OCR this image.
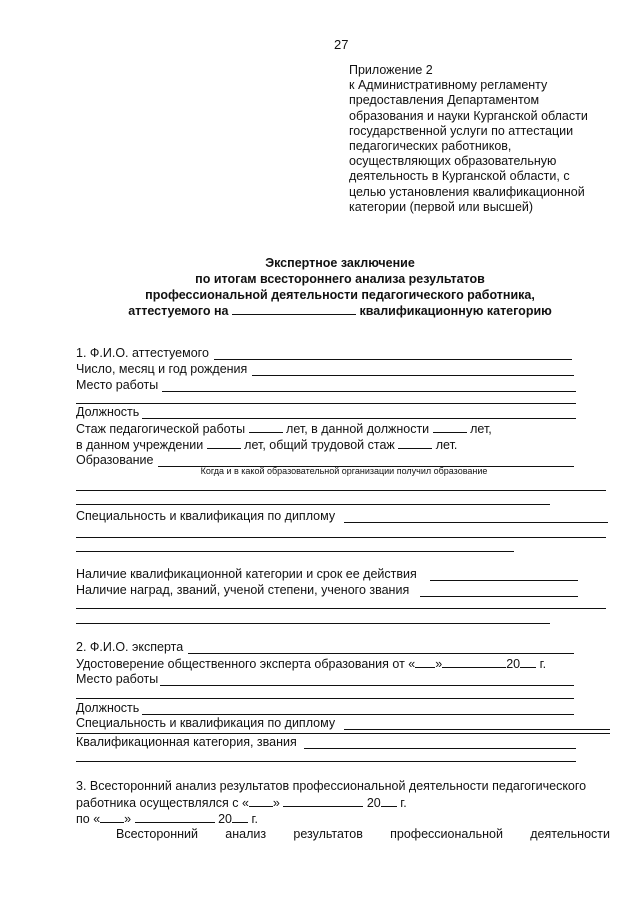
27
Приложение 2
к Административному регламенту
предоставления Департаментом
образования и науки Курганской области
государственной услуги по аттестации
педагогических работников,
осуществляющих образовательную
деятельность в Курганской области, с
целью установления квалификационной
категории (первой или высшей)
Экспертное заключение
по итогам всестороннего анализа результатов
профессиональной деятельности педагогического работника,
аттестуемого на	квалификационную категорию
1. Ф.И.О. аттестуемого
Число, месяц и год рождения
Место работы
Должность
Стаж педагогической работы	лет, в данной должности	лет,
в данном учреждении	лет, общий трудовой стаж	лет.
Образование
Когда и в какой образовательной организации получил образование
Специальность и квалификация по диплому
Наличие квалификационной категории и срок ее действия
Наличие наград, званий, ученой степени, ученого звания
2. Ф.И.О. эксперта
Удостоверение общественного эксперта образования от « »	20 г.
Место работы
Должность
Специальность и квалификация по диплому
Квалификационная категория, звания
3. Всесторонний анализ результатов профессиональной деятельности педагогического
работника осуществлялся с « »	20 г.
по « »	20 г.
Всесторонний анализ результатов профессиональной деятельности
